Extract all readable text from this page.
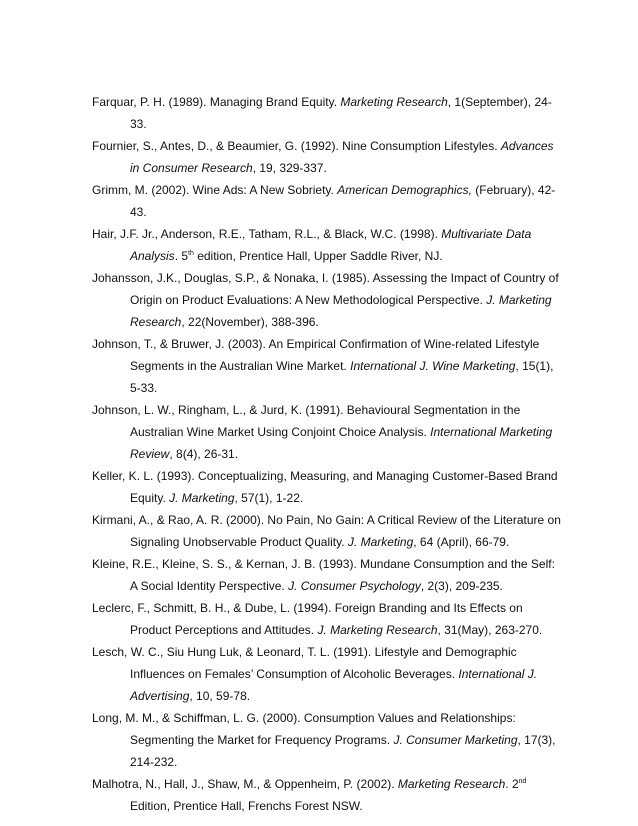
Farquar, P. H. (1989). Managing Brand Equity. Marketing Research, 1(September), 24-33.

Fournier, S., Antes, D., & Beaumier, G. (1992). Nine Consumption Lifestyles. Advances in Consumer Research, 19, 329-337.

Grimm, M. (2002). Wine Ads: A New Sobriety. American Demographics, (February), 42-43.

Hair, J.F. Jr., Anderson, R.E., Tatham, R.L., & Black, W.C. (1998). Multivariate Data Analysis. 5th edition, Prentice Hall, Upper Saddle River, NJ.

Johansson, J.K., Douglas, S.P., & Nonaka, I. (1985). Assessing the Impact of Country of Origin on Product Evaluations: A New Methodological Perspective. J. Marketing Research, 22(November), 388-396.

Johnson, T., & Bruwer, J. (2003). An Empirical Confirmation of Wine-related Lifestyle Segments in the Australian Wine Market. International J. Wine Marketing, 15(1), 5-33.

Johnson, L. W., Ringham, L., & Jurd, K. (1991). Behavioural Segmentation in the Australian Wine Market Using Conjoint Choice Analysis. International Marketing Review, 8(4), 26-31.

Keller, K. L. (1993). Conceptualizing, Measuring, and Managing Customer-Based Brand Equity. J. Marketing, 57(1), 1-22.

Kirmani, A., & Rao, A. R. (2000). No Pain, No Gain: A Critical Review of the Literature on Signaling Unobservable Product Quality. J. Marketing, 64 (April), 66-79.

Kleine, R.E., Kleine, S. S., & Kernan, J. B. (1993). Mundane Consumption and the Self: A Social Identity Perspective. J. Consumer Psychology, 2(3), 209-235.

Leclerc, F., Schmitt, B. H., & Dube, L. (1994). Foreign Branding and Its Effects on Product Perceptions and Attitudes. J. Marketing Research, 31(May), 263-270.

Lesch, W. C., Siu Hung Luk, & Leonard, T. L. (1991). Lifestyle and Demographic Influences on Females’ Consumption of Alcoholic Beverages. International J. Advertising, 10, 59-78.

Long, M. M., & Schiffman, L. G. (2000). Consumption Values and Relationships: Segmenting the Market for Frequency Programs. J. Consumer Marketing, 17(3), 214-232.

Malhotra, N., Hall, J., Shaw, M., & Oppenheim, P. (2002). Marketing Research. 2nd Edition, Prentice Hall, Frenchs Forest NSW.
